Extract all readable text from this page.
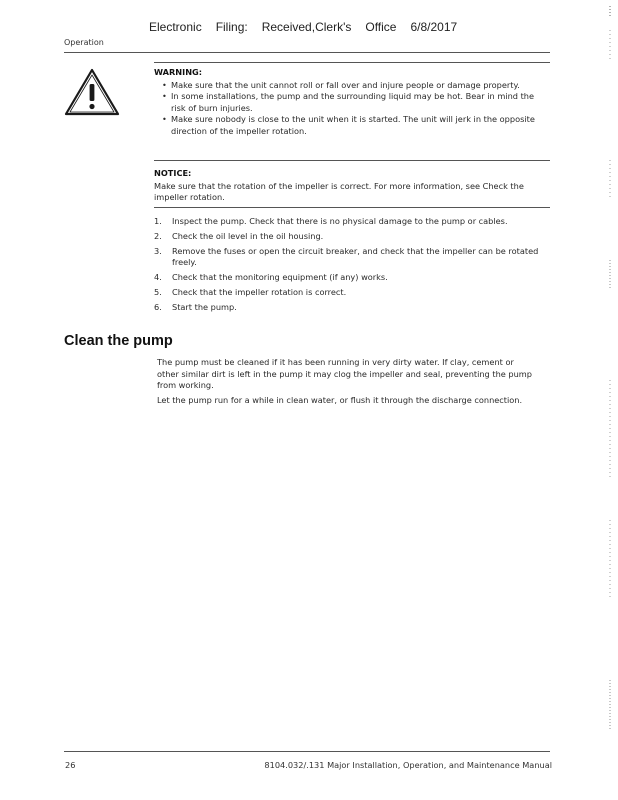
Electronic Filing: Received,Clerk's Office 6/8/2017
Operation
WARNING:
• Make sure that the unit cannot roll or fall over and injure people or damage property.
• In some installations, the pump and the surrounding liquid may be hot. Bear in mind the risk of burn injuries.
• Make sure nobody is close to the unit when it is started. The unit will jerk in the opposite direction of the impeller rotation.
NOTICE:

Make sure that the rotation of the impeller is correct. For more information, see Check the impeller rotation.

1.	Inspect the pump. Check that there is no physical damage to the pump or cables.
2.	Check the oil level in the oil housing.
3.	Remove the fuses or open the circuit breaker, and check that the impeller can be rotated freely.
4.	Check that the monitoring equipment (if any) works.
5.	Check that the impeller rotation is correct.
6.	Start the pump.
Clean the pump

The pump must be cleaned if it has been running in very dirty water. If clay, cement or other similar dirt is left in the pump it may clog the impeller and seal, preventing the pump from working.

Let the pump run for a while in clean water, or flush it through the discharge connection.

26	8104.032/.131 Major Installation, Operation, and Maintenance Manual
